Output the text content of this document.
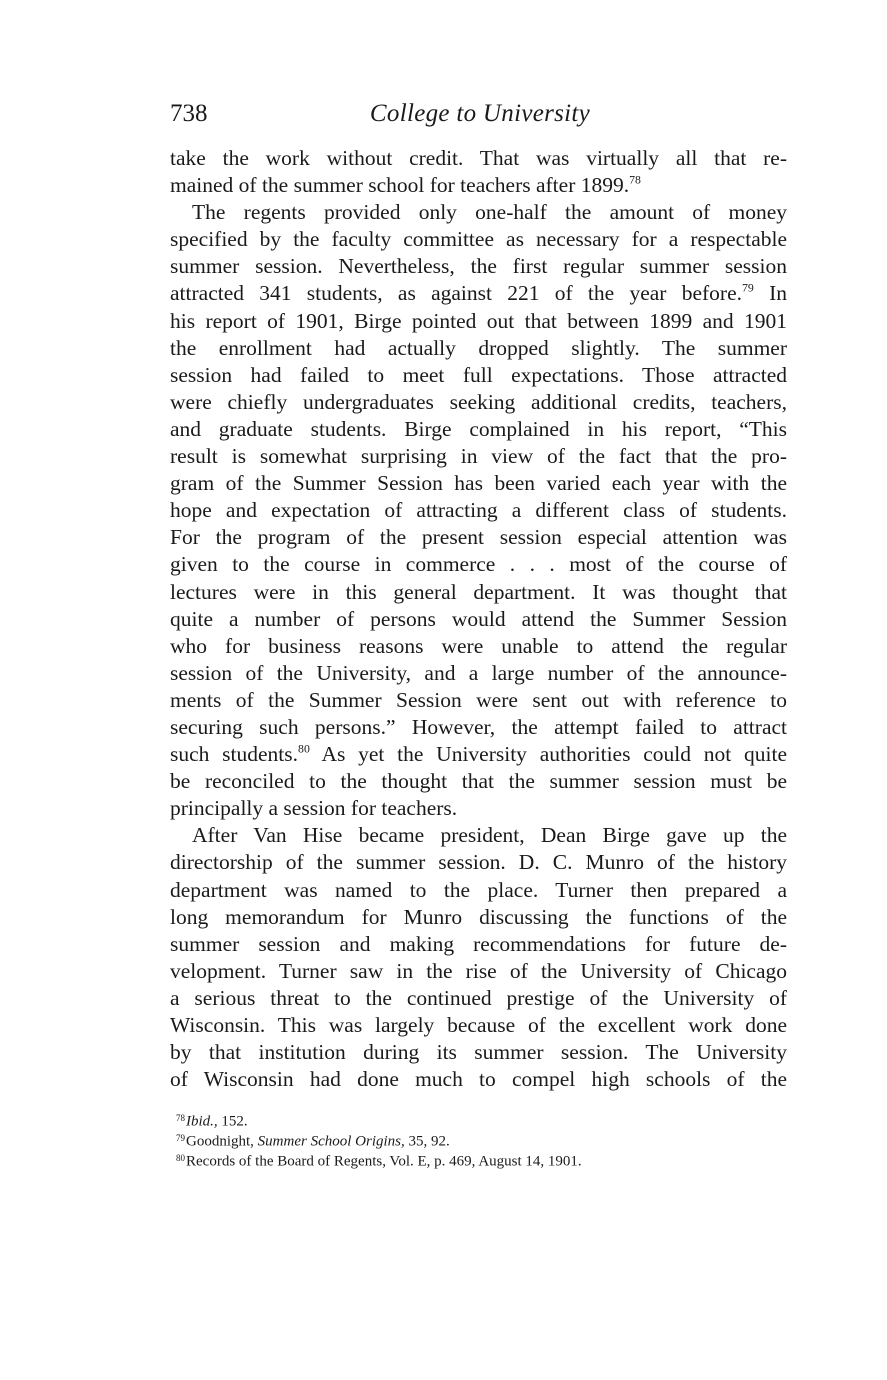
738	College to University
take the work without credit. That was virtually all that re-
mained of the summer school for teachers after 1899.78
The regents provided only one-half the amount of money
specified by the faculty committee as necessary for a respectable
summer session. Nevertheless, the first regular summer session
attracted 341 students, as against 221 of the year before.$^{79}$ In
his report of 1901, Birge pointed out that between 1899 and 1901
the enrollment had actually dropped slightly. The summer
session had failed to meet full expectations. Those attracted
were chiefly undergraduates seeking additional credits, teachers,
and graduate students. Birge complained in his report, “This
result is somewhat surprising in view of the fact that the pro-
gram of the Summer Session has been varied each year with the
hope and expectation of attracting a different class of students.
For the program of the present session especial attention was
given to the course in commerce . . . most of the course of
lectures were in this general department. It was thought that
quite a number of persons would attend the Summer Session
who for business reasons were unable to attend the regular
session of the University, and a large number of the announce-
ments of the Summer Session were sent out with reference to
securing such persons.” However, the attempt failed to attract
such students.$^{80}$ As yet the University authorities could not quite
be reconciled to the thought that the summer session must be
principally a session for teachers.
After Van Hise became president, Dean Birge gave up the
directorship of the summer session. D. C. Munro of the history
department was named to the place. Turner then prepared a
long memorandum for Munro discussing the functions of the
summer session and making recommendations for future de-
velopment. Turner saw in the rise of the University of Chicago
a serious threat to the continued prestige of the University of
Wisconsin. This was largely because of the excellent work done
by that institution during its summer session. The University
of Wisconsin had done much to compel high schools of the
$^{78}$Ibid., 152.
$^{79}$Goodnight, Summer School Origins, 35, 92.
$^{80}$Records of the Board of Regents, Vol. E, p. 469, August 14, 1901.
